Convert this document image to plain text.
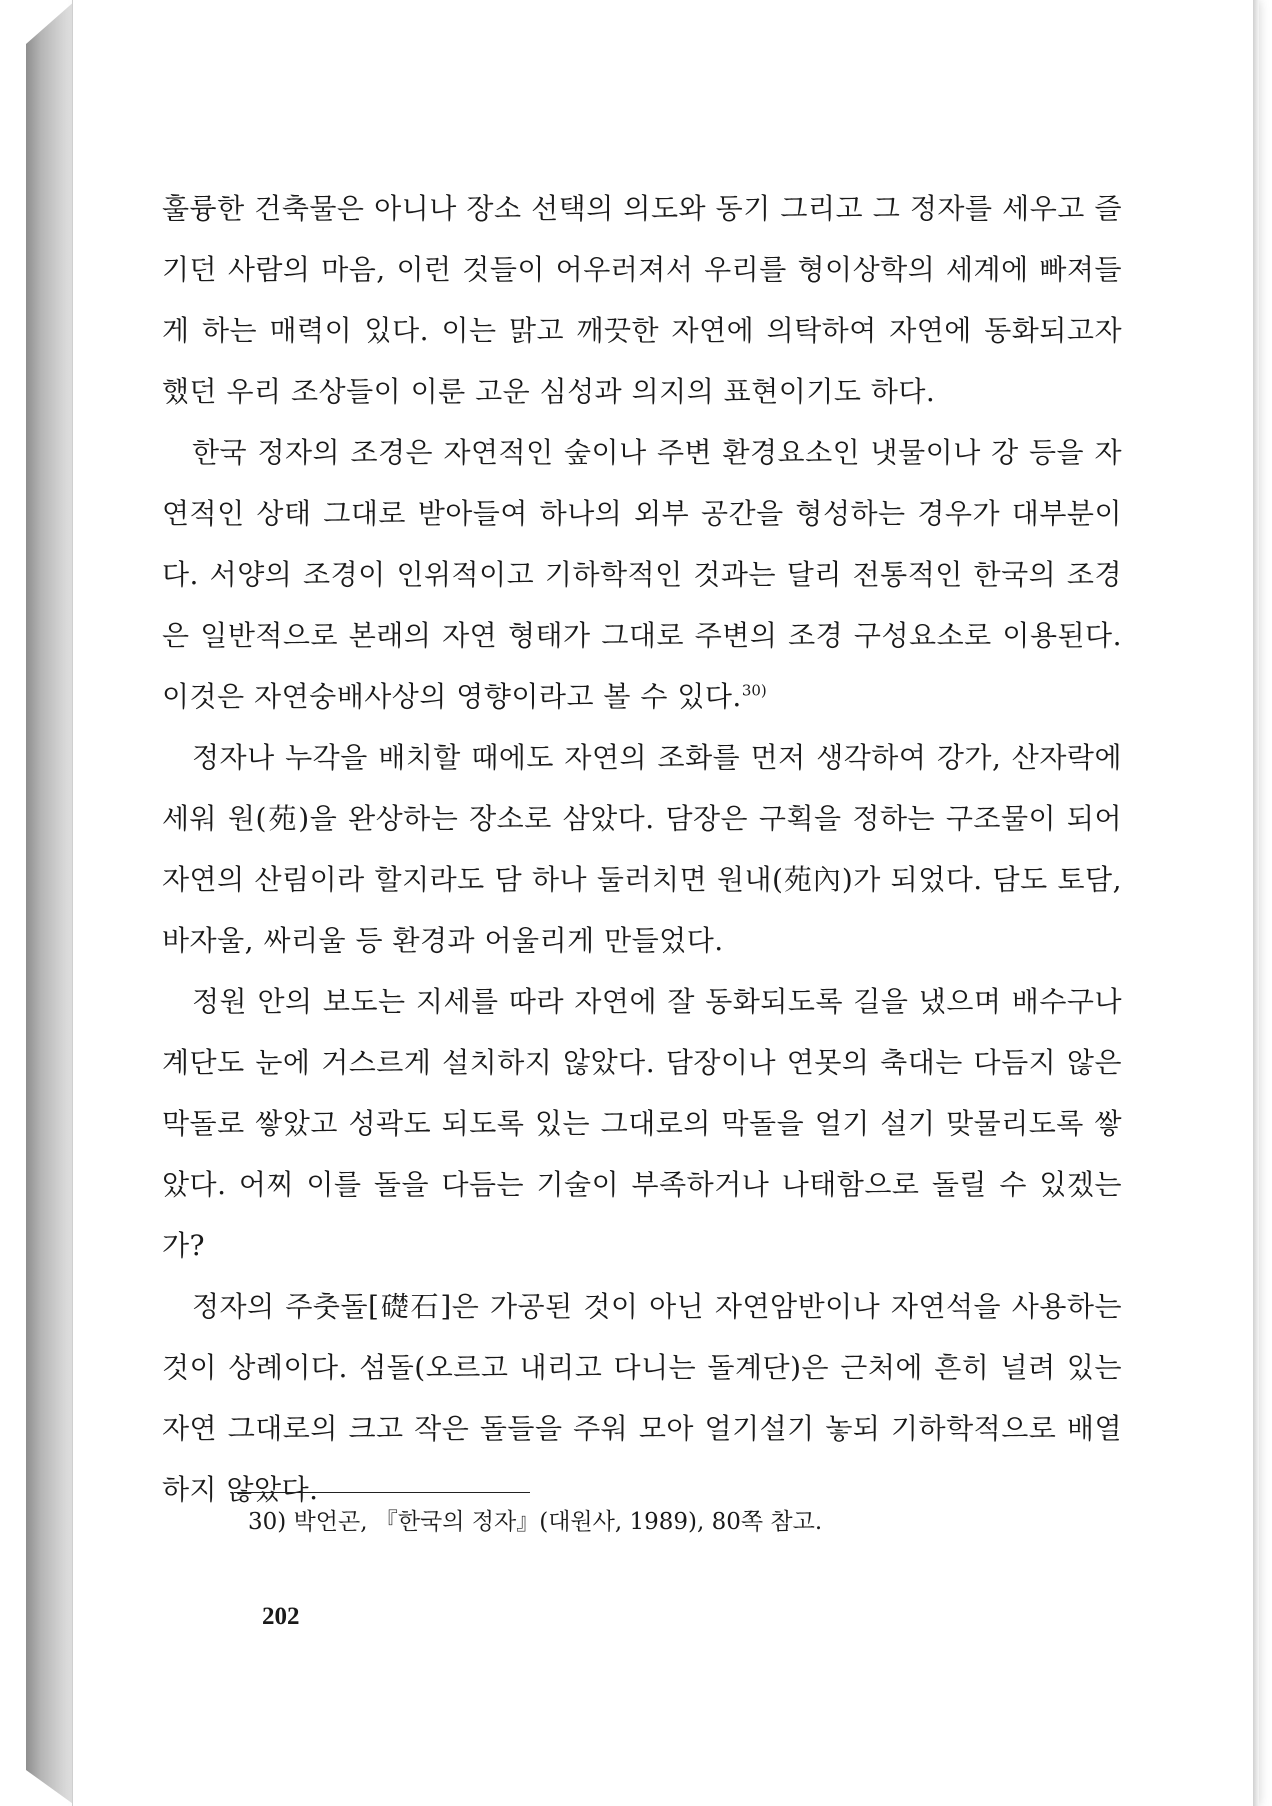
훌륭한 건축물은 아니나 장소 선택의 의도와 동기 그리고 그 정자를 세우고 즐기던 사람의 마음, 이런 것들이 어우러져서 우리를 형이상학의 세계에 빠져들게 하는 매력이 있다. 이는 맑고 깨끗한 자연에 의탁하여 자연에 동화되고자 했던 우리 조상들이 이룬 고운 심성과 의지의 표현이기도 하다.

한국 정자의 조경은 자연적인 숲이나 주변 환경요소인 냇물이나 강 등을 자연적인 상태 그대로 받아들여 하나의 외부 공간을 형성하는 경우가 대부분이다. 서양의 조경이 인위적이고 기하학적인 것과는 달리 전통적인 한국의 조경은 일반적으로 본래의 자연 형태가 그대로 주변의 조경 구성요소로 이용된다. 이것은 자연숭배사상의 영향이라고 볼 수 있다.$^{30)}$

정자나 누각을 배치할 때에도 자연의 조화를 먼저 생각하여 강가, 산자락에 세워 원(苑)을 완상하는 장소로 삼았다. 담장은 구획을 정하는 구조물이 되어 자연의 산림이라 할지라도 담 하나 둘러치면 원내(苑內)가 되었다. 담도 토담, 바자울, 싸리울 등 환경과 어울리게 만들었다.

정원 안의 보도는 지세를 따라 자연에 잘 동화되도록 길을 냈으며 배수구나 계단도 눈에 거스르게 설치하지 않았다. 담장이나 연못의 축대는 다듬지 않은 막돌로 쌓았고 성곽도 되도록 있는 그대로의 막돌을 얼기 설기 맞물리도록 쌓았다. 어찌 이를 돌을 다듬는 기술이 부족하거나 나태함으로 돌릴 수 있겠는가?

정자의 주춧돌[礎石]은 가공된 것이 아닌 자연암반이나 자연석을 사용하는 것이 상례이다. 섬돌(오르고 내리고 다니는 돌계단)은 근처에 흔히 널려 있는 자연 그대로의 크고 작은 돌들을 주워 모아 얼기설기 놓되 기하학적으로 배열하지 않았다.

30) 박언곤, 『한국의 정자』(대원사, 1989), 80쪽 참고.
202
